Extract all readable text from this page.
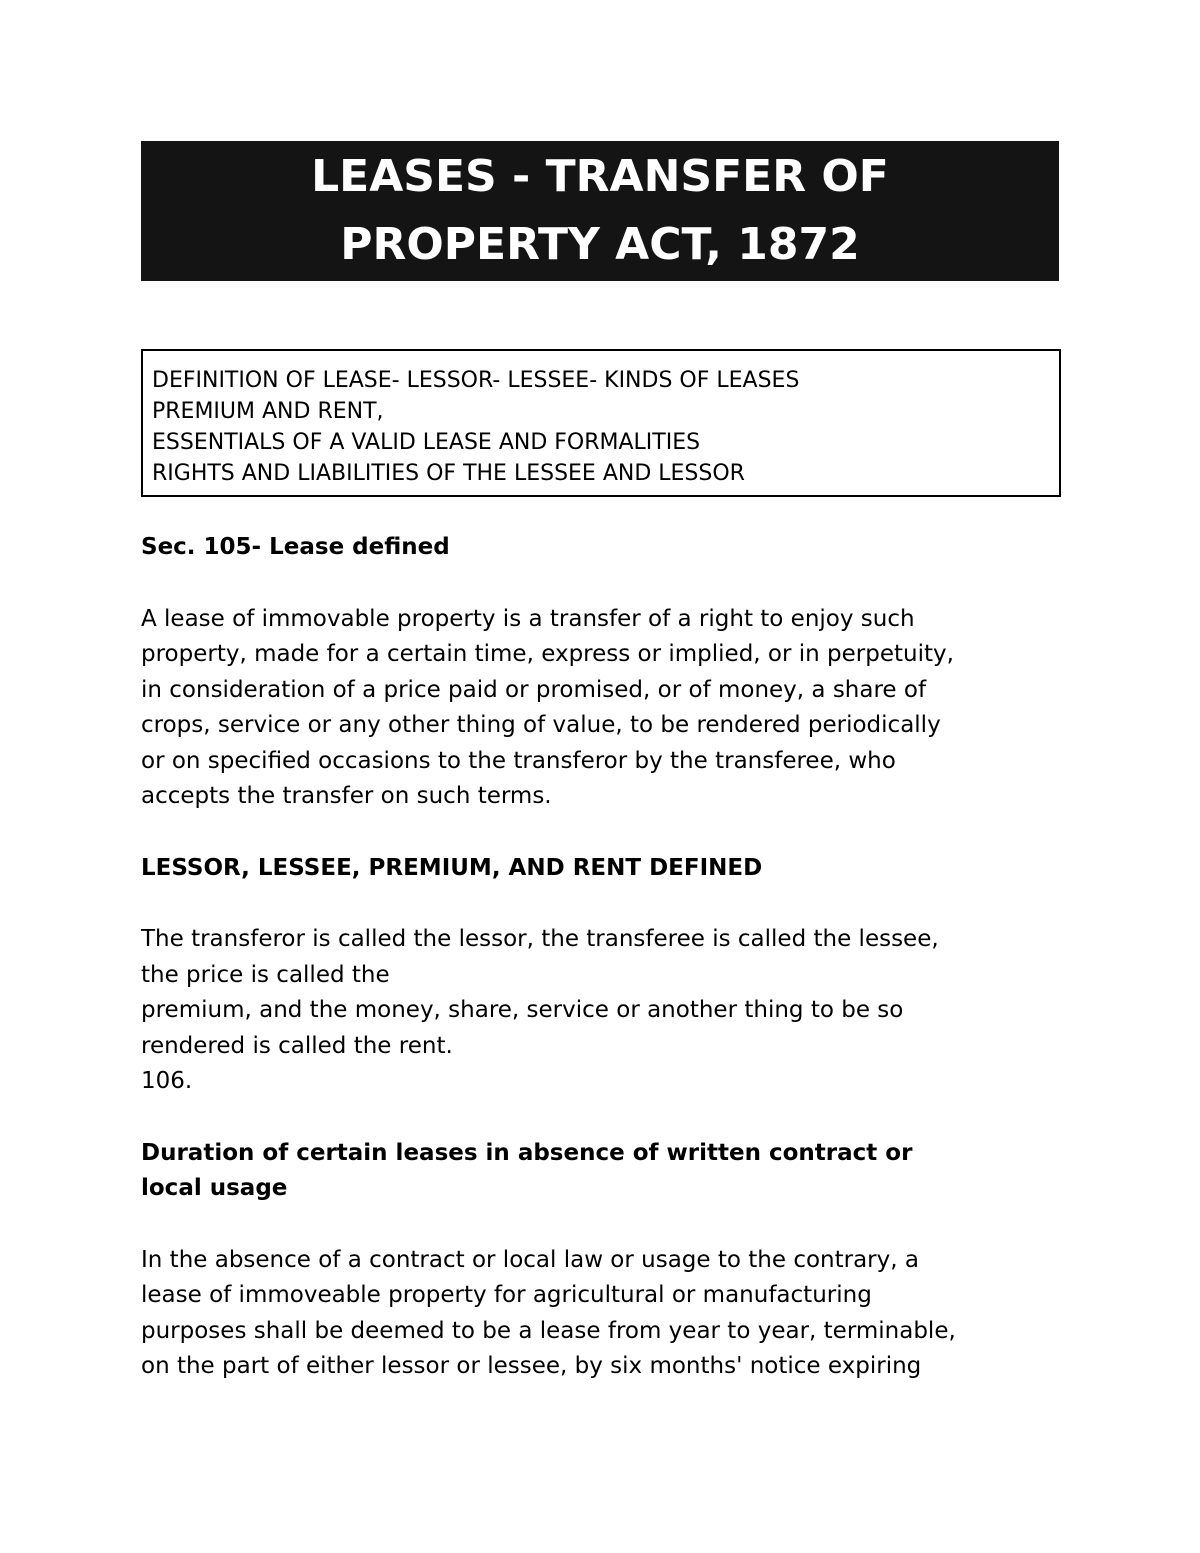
LEASES - TRANSFER OF
PROPERTY ACT, 1872
DEFINITION OF LEASE- LESSOR- LESSEE- KINDS OF LEASES
PREMIUM AND RENT,
ESSENTIALS OF A VALID LEASE AND FORMALITIES
RIGHTS AND LIABILITIES OF THE LESSEE AND LESSOR
Sec. 105- Lease defined
A lease of immovable property is a transfer of a right to enjoy such
property, made for a certain time, express or implied, or in perpetuity,
in consideration of a price paid or promised, or of money, a share of
crops, service or any other thing of value, to be rendered periodically
or on specified occasions to the transferor by the transferee, who
accepts the transfer on such terms.
LESSOR, LESSEE, PREMIUM, AND RENT DEFINED
The transferor is called the lessor, the transferee is called the lessee,
the price is called the
premium, and the money, share, service or another thing to be so
rendered is called the rent.
106.
Duration of certain leases in absence of written contract or
local usage
In the absence of a contract or local law or usage to the contrary, a
lease of immoveable property for agricultural or manufacturing
purposes shall be deemed to be a lease from year to year, terminable,
on the part of either lessor or lessee, by six months' notice expiring
